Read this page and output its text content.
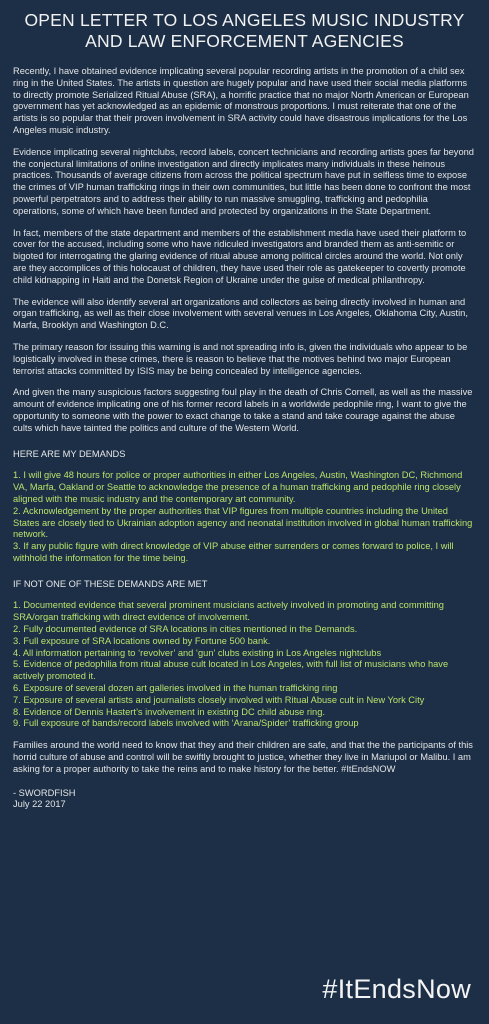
OPEN LETTER TO LOS ANGELES MUSIC INDUSTRY AND LAW ENFORCEMENT AGENCIES

Recently, I have obtained evidence implicating several popular recording artists in the promotion of a child sex ring in the United States. The artists in question are hugely popular and have used their social media platforms to directly promote Serialized Ritual Abuse (SRA), a horrific practice that no major North American or European government has yet acknowledged as an epidemic of monstrous proportions. I must reiterate that one of the artists is so popular that their proven involvement in SRA activity could have disastrous implications for the Los Angeles music industry.

Evidence implicating several nightclubs, record labels, concert technicians and recording artists goes far beyond the conjectural limitations of online investigation and directly implicates many individuals in these heinous practices. Thousands of average citizens from across the political spectrum have put in selfless time to expose the crimes of VIP human trafficking rings in their own communities, but little has been done to confront the most powerful perpetrators and to address their ability to run massive smuggling, trafficking and pedophilia operations, some of which have been funded and protected by organizations in the State Department.

In fact, members of the state department and members of the establishment media have used their platform to cover for the accused, including some who have ridiculed investigators and branded them as anti-semitic or bigoted for interrogating the glaring evidence of ritual abuse among political circles around the world. Not only are they accomplices of this holocaust of children, they have used their role as gatekeeper to covertly promote child kidnapping in Haiti and the Donetsk Region of Ukraine under the guise of medical philanthropy.

The evidence will also identify several art organizations and collectors as being directly involved in human and organ trafficking, as well as their close involvement with several venues in Los Angeles, Oklahoma City, Austin, Marfa, Brooklyn and Washington D.C.

The primary reason for issuing this warning is and not spreading info is, given the individuals who appear to be logistically involved in these crimes, there is reason to believe that the motives behind two major European terrorist attacks committed by ISIS may be being concealed by intelligence agencies.

And given the many suspicious factors suggesting foul play in the death of Chris Cornell, as well as the massive amount of evidence implicating one of his former record labels in a worldwide pedophile ring, I want to give the opportunity to someone with the power to exact change to take a stand and take courage against the abuse cults which have tainted the politics and culture of the Western World.

HERE ARE MY DEMANDS
1. I will give 48 hours for police or proper authorities in either Los Angeles, Austin, Washington DC, Richmond VA, Marfa, Oakland or Seattle to acknowledge the presence of a human trafficking and pedophile ring closely aligned with the music industry and the contemporary art community.
2. Acknowledgement by the proper authorities that VIP figures from multiple countries including the United States are closely tied to Ukrainian adoption agency and neonatal institution involved in global human trafficking network.
3. If any public figure with direct knowledge of VIP abuse either surrenders or comes forward to police, I will withhold the information for the time being.
IF NOT ONE OF THESE DEMANDS ARE MET
1. Documented evidence that several prominent musicians actively involved in promoting and committing SRA/organ trafficking with direct evidence of involvement.
2. Fully documented evidence of SRA locations in cities mentioned in the Demands.
3. Full exposure of SRA locations owned by Fortune 500 bank.
4. All information pertaining to ‘revolver’ and ‘gun’ clubs existing in Los Angeles nightclubs
5. Evidence of pedophilia from ritual abuse cult located in Los Angeles, with full list of musicians who have actively promoted it.
6. Exposure of several dozen art galleries involved in the human trafficking ring
7. Exposure of several artists and journalists closely involved with Ritual Abuse cult in New York City
8. Evidence of Dennis Hastert’s involvement in existing DC child abuse ring.
9. Full exposure of bands/record labels involved with ‘Arana/Spider’ trafficking group

Families around the world need to know that they and their children are safe, and that the the participants of this horrid culture of abuse and control will be swiftly brought to justice, whether they live in Mariupol or Malibu. I am asking for a proper authority to take the reins and to make history for the better. #ItEndsNOW

- SWORDFISH
July 22 2017
#ItEndsNow
